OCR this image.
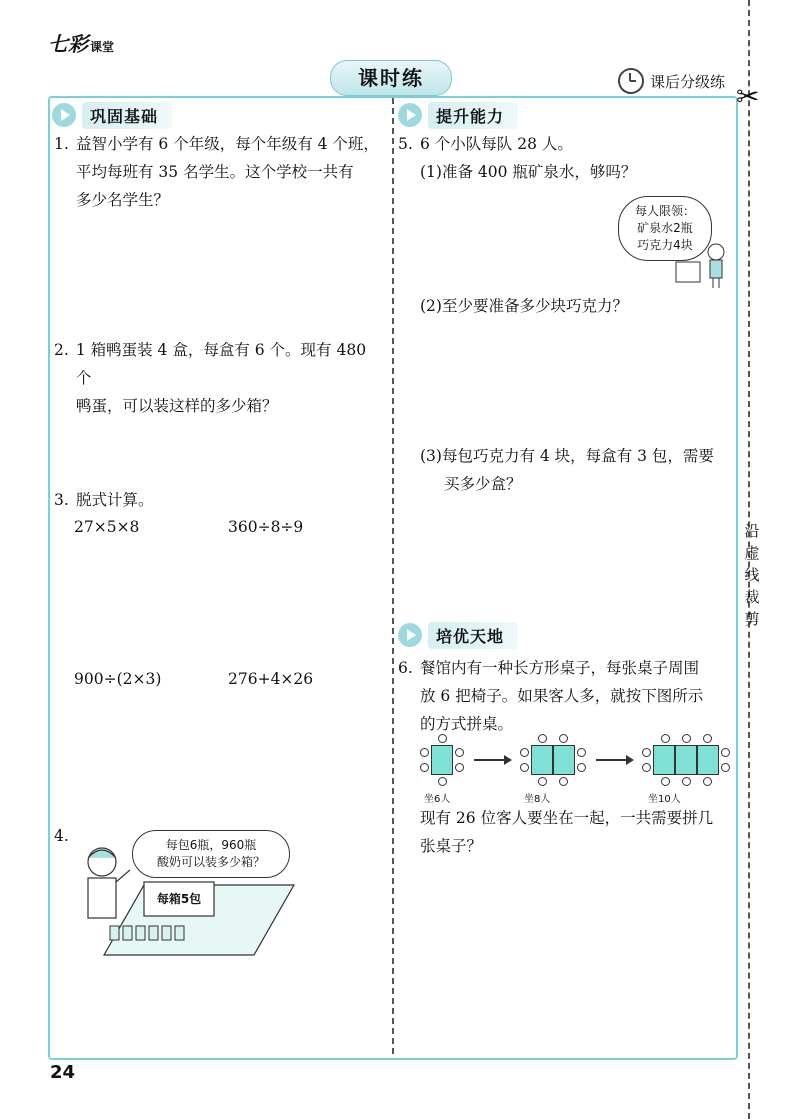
七彩 课堂
课时练	课后分级练 ✂
沿
虚
线
裁
剪
巩固基础
1. 益智小学有 6 个年级，每个年级有 4 个班，
平均每班有 35 名学生。这个学校一共有
多少名学生？
2. 1 箱鸭蛋装 4 盒，每盒有 6 个。现有 480 个
鸭蛋，可以装这样的多少箱？
3. 脱式计算。
27×5×8	360÷8÷9
900÷(2×3)	276+4×26
4.
每箱5包
每包6瓶，960瓶
酸奶可以装多少箱？
提升能力
5. 6 个小队每队 28 人。
(1)准备 400 瓶矿泉水，够吗？
每人限领：
矿泉水2瓶
巧克力4块
(2)至少要准备多少块巧克力？
(3)每包巧克力有 4 块，每盒有 3 包，需要
买多少盒？
培优天地
6. 餐馆内有一种长方形桌子，每张桌子周围
放 6 把椅子。如果客人多，就按下图所示
的方式拼桌。
坐6人	坐8人	坐10人
现有 26 位客人要坐在一起，一共需要拼几
张桌子？
24
